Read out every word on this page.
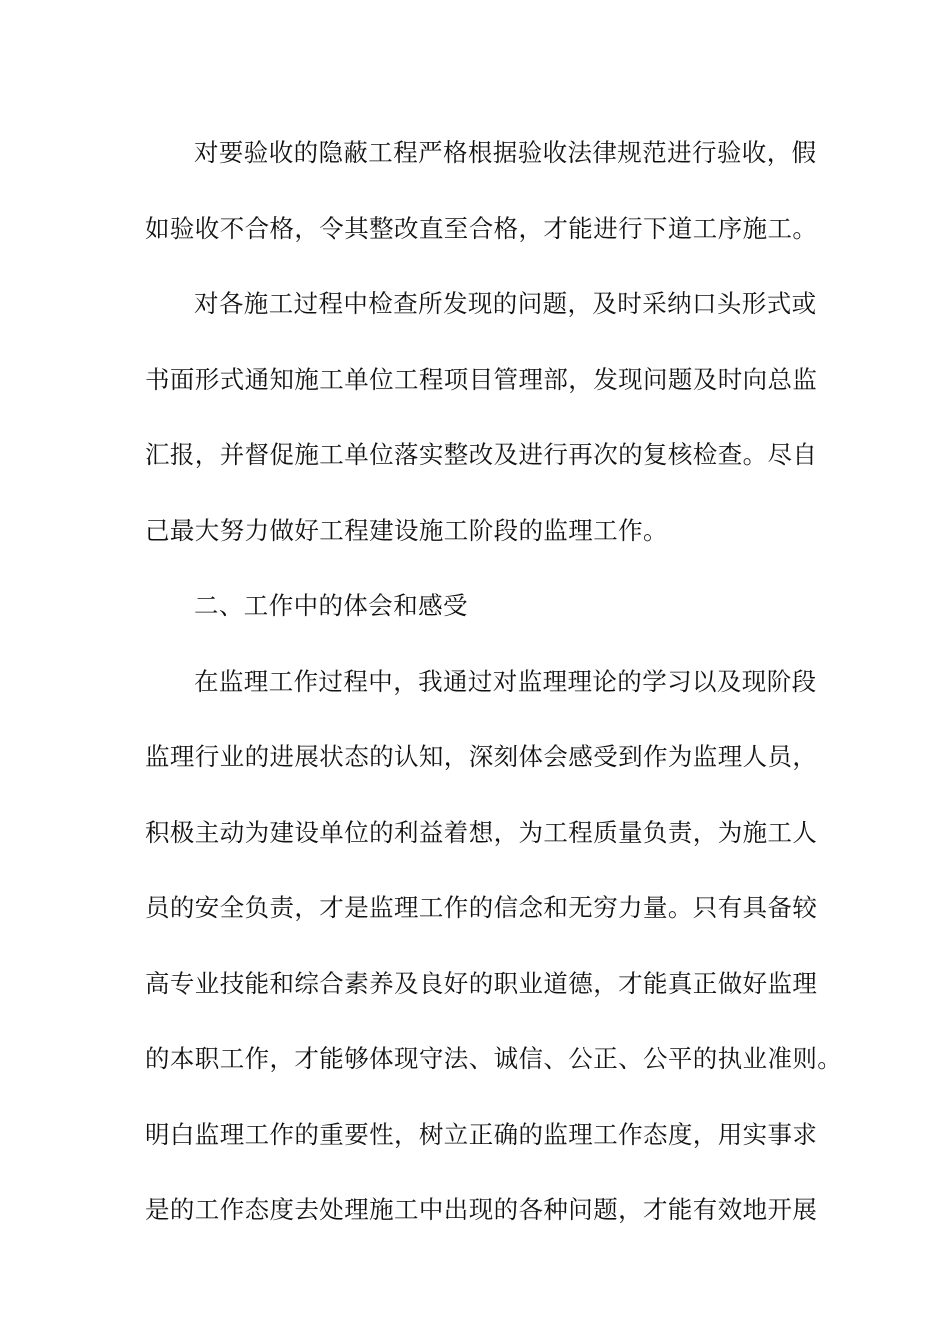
对要验收的隐蔽工程严格根据验收法律规范进行验收，假
如验收不合格，令其整改直至合格，才能进行下道工序施工。
对各施工过程中检查所发现的问题，及时采纳口头形式或
书面形式通知施工单位工程项目管理部，发现问题及时向总监
汇报，并督促施工单位落实整改及进行再次的复核检查。尽自
己最大努力做好工程建设施工阶段的监理工作。
二、工作中的体会和感受
在监理工作过程中，我通过对监理理论的学习以及现阶段
监理行业的进展状态的认知，深刻体会感受到作为监理人员，
积极主动为建设单位的利益着想，为工程质量负责，为施工人
员的安全负责，才是监理工作的信念和无穷力量。只有具备较
高专业技能和综合素养及良好的职业道德，才能真正做好监理
的本职工作，才能够体现守法、诚信、公正、公平的执业准则。
明白监理工作的重要性，树立正确的监理工作态度，用实事求
是的工作态度去处理施工中出现的各种问题，才能有效地开展
